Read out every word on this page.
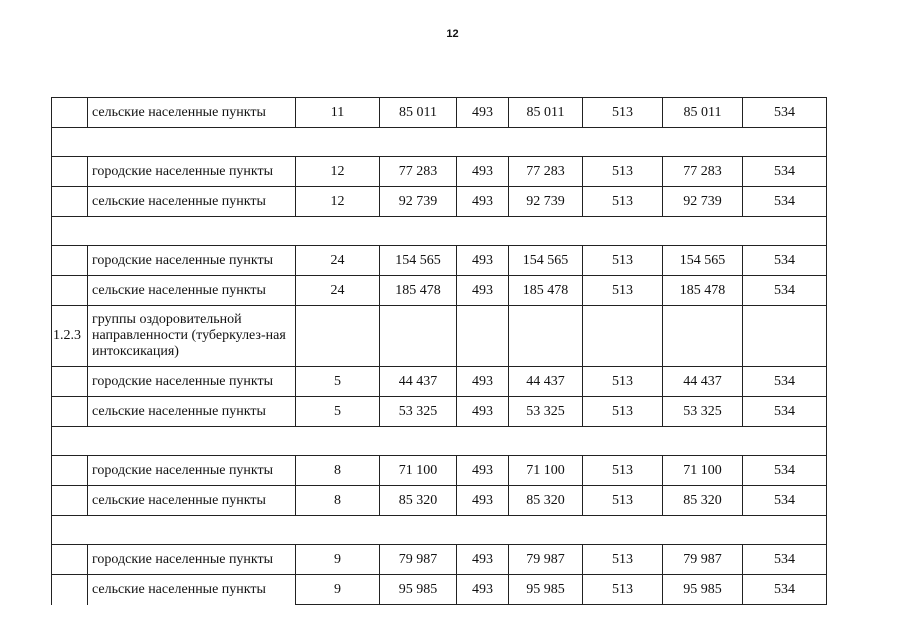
12
	сельские населенные пункты	11	85 011	493	85 011	513	85 011	534

	городские населенные пункты	12	77 283	493	77 283	513	77 283	534
	сельские населенные пункты	12	92 739	493	92 739	513	92 739	534

	городские населенные пункты	24	154 565	493	154 565	513	154 565	534
	сельские населенные пункты	24	185 478	493	185 478	513	185 478	534
1.2.3	группы оздоровительной направленности (туберкулез-ная интоксикация)							
	городские населенные пункты	5	44 437	493	44 437	513	44 437	534
	сельские населенные пункты	5	53 325	493	53 325	513	53 325	534

	городские населенные пункты	8	71 100	493	71 100	513	71 100	534
	сельские населенные пункты	8	85 320	493	85 320	513	85 320	534

	городские населенные пункты	9	79 987	493	79 987	513	79 987	534
	сельские населенные пункты	9	95 985	493	95 985	513	95 985	534
